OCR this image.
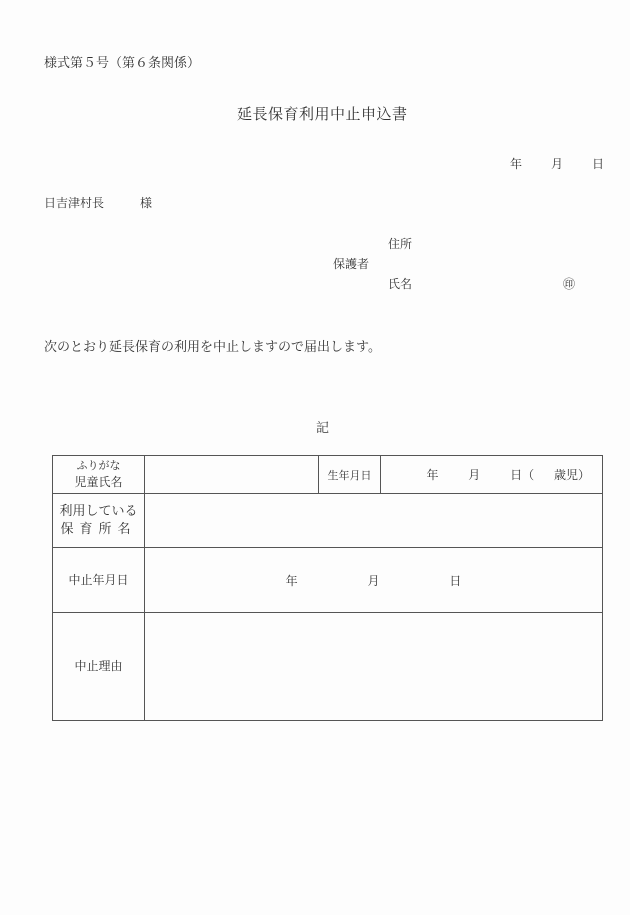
様式第５号（第６条関係）
延長保育利用中止申込書
年 月 日
日吉津村長	様
住所
保護者
氏名	㊞
次のとおり延長保育の利用を中止しますので届出します。
記
ふりがな
児童氏名		生年月日	年 月 日（ 歳児）

利用している
保育所名			

中止年月日	年 月 日		
中止理由			
